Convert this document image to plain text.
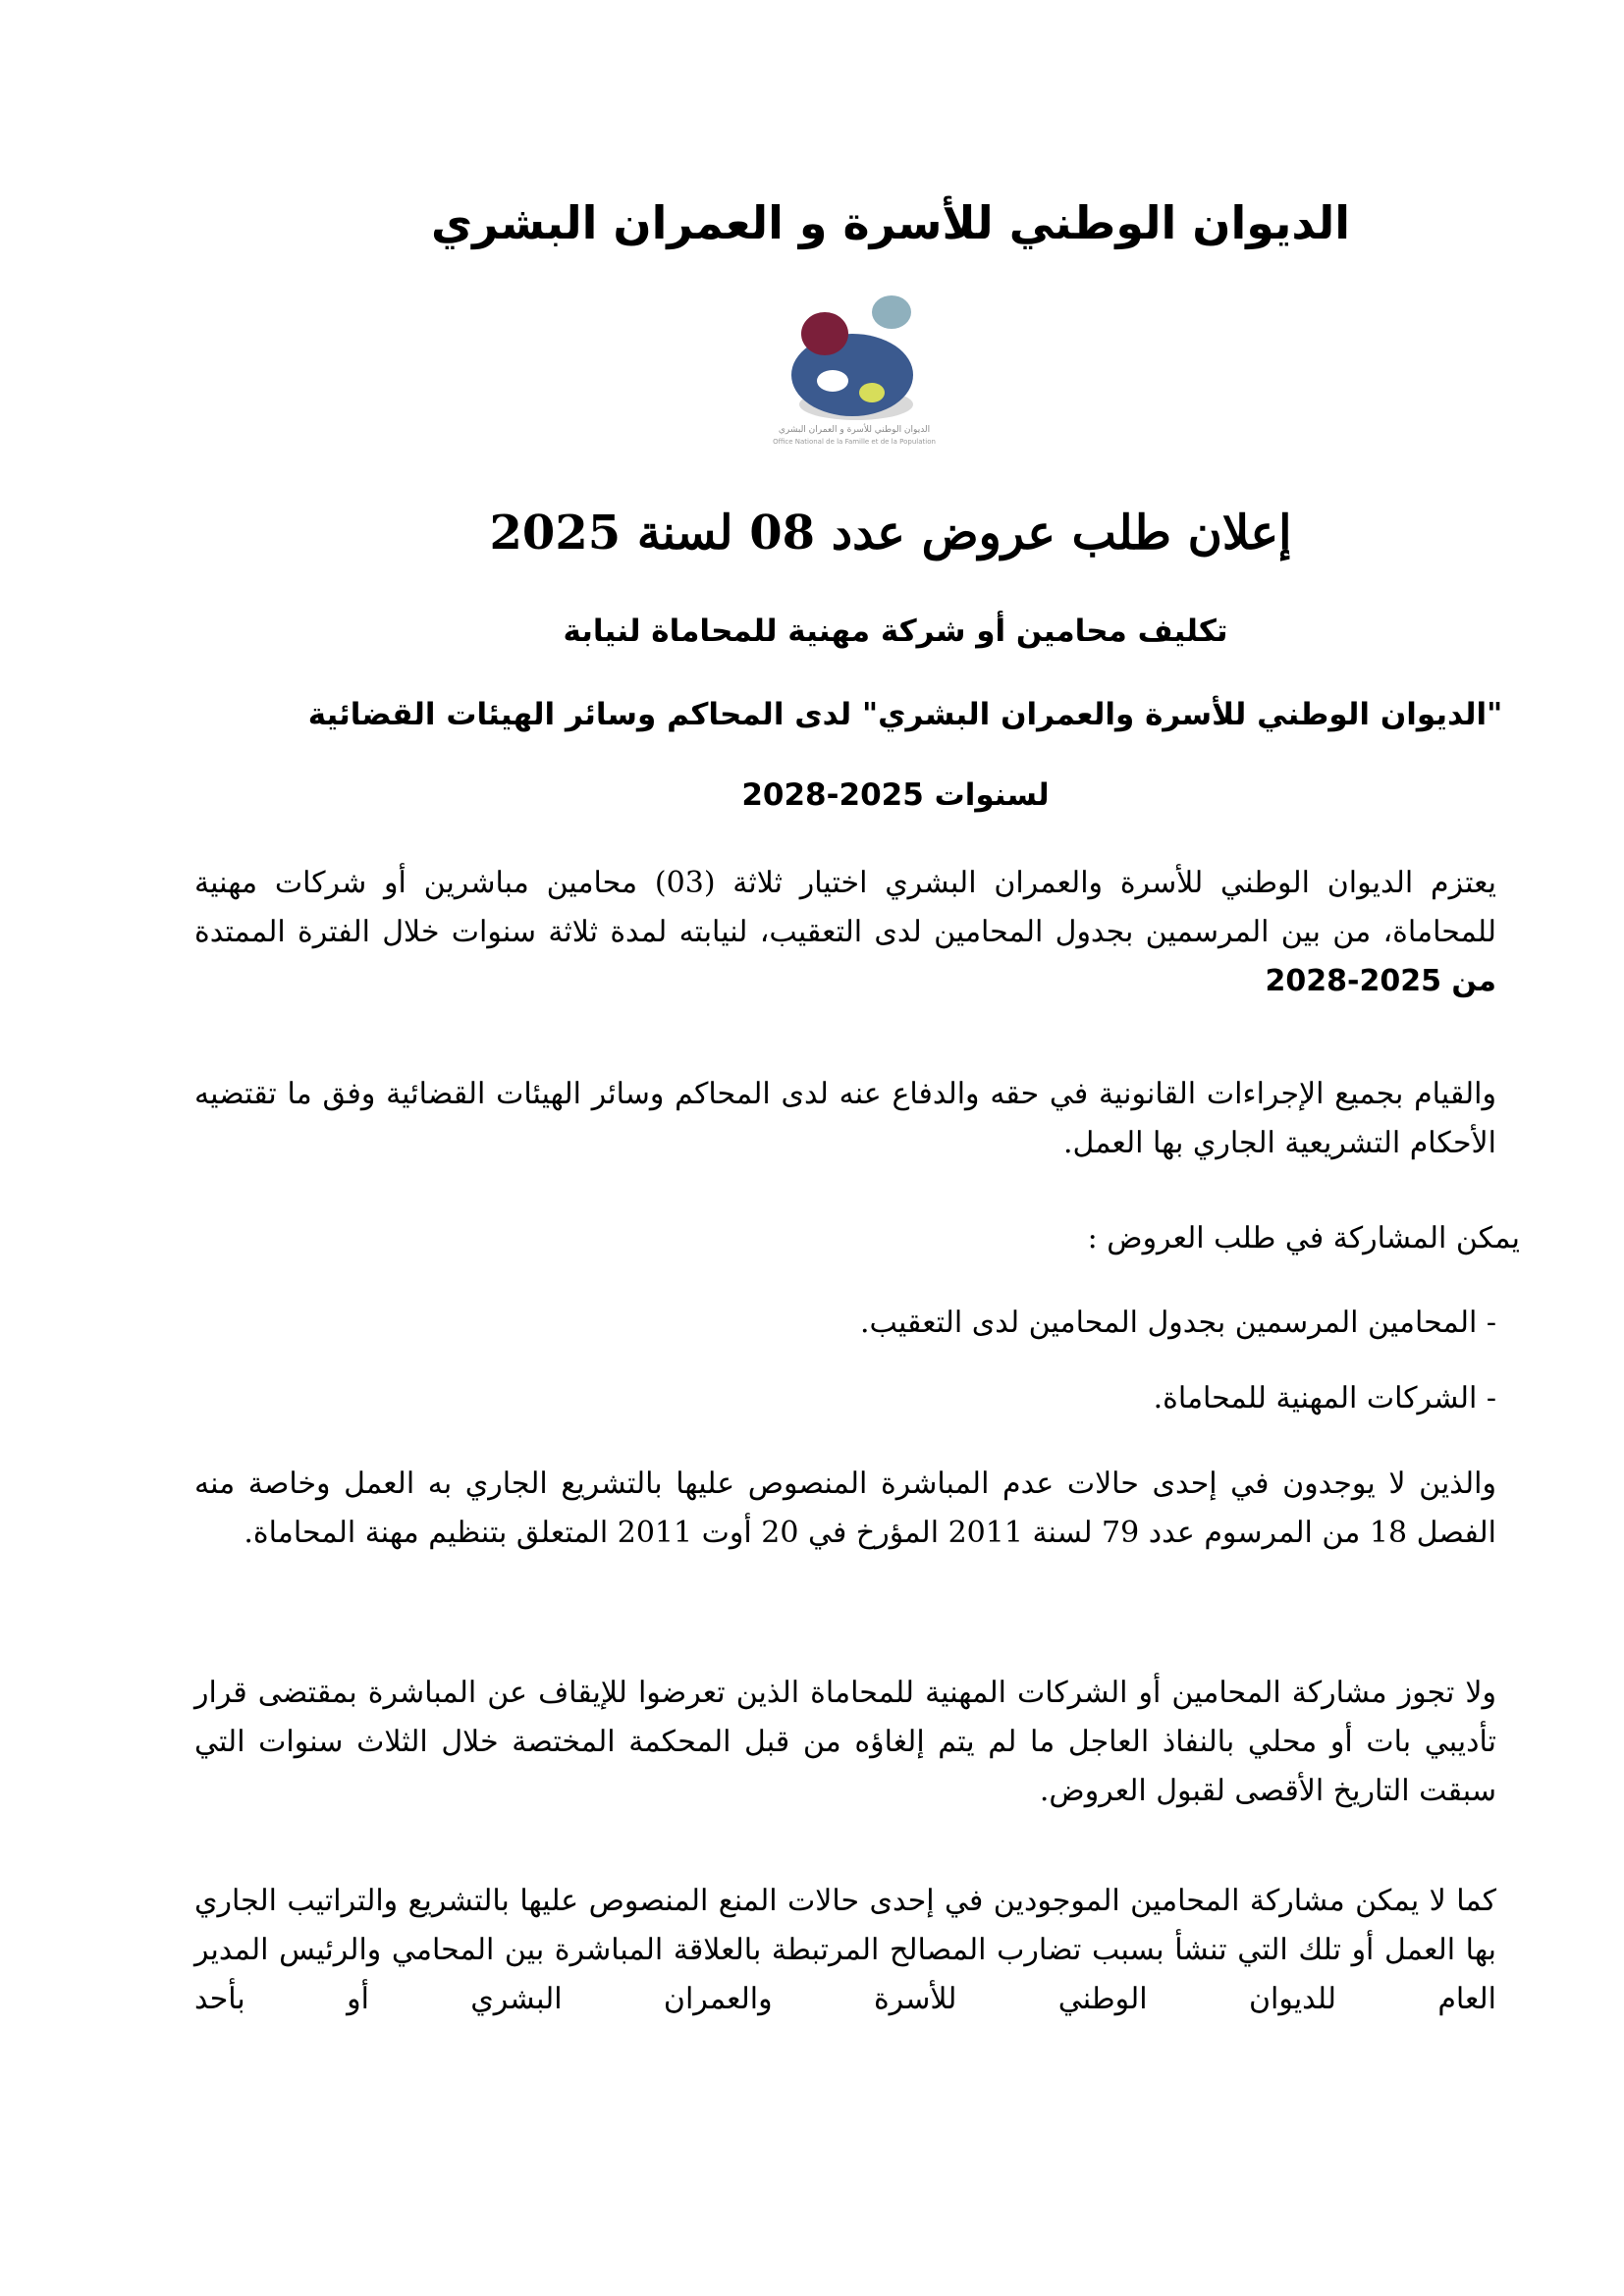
الديوان الوطني للأسرة و العمران البشري
الديوان الوطني للأسرة و العمران البشري
Office National de la Famille et de la Population
إعلان طلب عروض عدد 08 لسنة 2025
تكليف محامين أو شركة مهنية للمحاماة لنيابة
"الديوان الوطني للأسرة والعمران البشري" لدى المحاكم وسائر الهيئات القضائية
لسنوات 2025-2028

يعتزم الديوان الوطني للأسرة والعمران البشري اختيار ثلاثة (03) محامين مباشرين أو شركات مهنية للمحاماة، من بين المرسمين بجدول المحامين لدى التعقيب، لنيابته لمدة ثلاثة سنوات خلال الفترة الممتدة من 2025-2028

والقيام بجميع الإجراءات القانونية في حقه والدفاع عنه لدى المحاكم وسائر الهيئات القضائية وفق ما تقتضيه الأحكام التشريعية الجاري بها العمل.

يمكن المشاركة في طلب العروض :

- المحامين المرسمين بجدول المحامين لدى التعقيب.

- الشركات المهنية للمحاماة.

والذين لا يوجدون في إحدى حالات عدم المباشرة المنصوص عليها بالتشريع الجاري به العمل وخاصة منه الفصل 18 من المرسوم عدد 79 لسنة 2011 المؤرخ في 20 أوت 2011 المتعلق بتنظيم مهنة المحاماة.

ولا تجوز مشاركة المحامين أو الشركات المهنية للمحاماة الذين تعرضوا للإيقاف عن المباشرة بمقتضى قرار تأديبي بات أو محلي بالنفاذ العاجل ما لم يتم إلغاؤه من قبل المحكمة المختصة خلال الثلاث سنوات التي سبقت التاريخ الأقصى لقبول العروض.

كما لا يمكن مشاركة المحامين الموجودين في إحدى حالات المنع المنصوص عليها بالتشريع والتراتيب الجاري بها العمل أو تلك التي تنشأ بسبب تضارب المصالح المرتبطة بالعلاقة المباشرة بين المحامي والرئيس المدير العام للديوان الوطني للأسرة والعمران البشري أو بأحد
